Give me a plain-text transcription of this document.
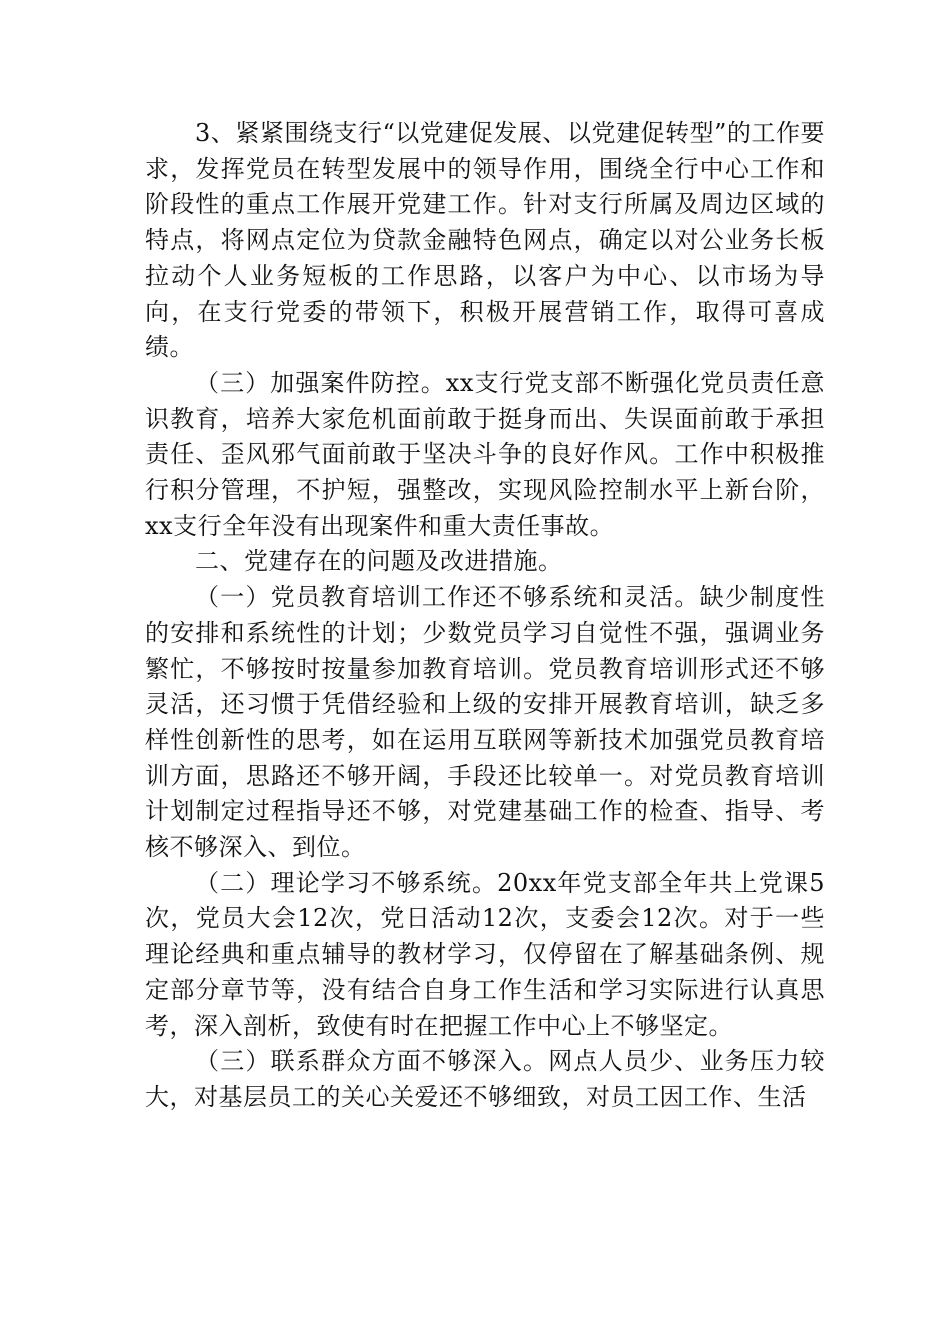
3、紧紧围绕支行“以党建促发展、以党建促转型”的工作要求，发挥党员在转型发展中的领导作用，围绕全行中心工作和阶段性的重点工作展开党建工作。针对支行所属及周边区域的特点，将网点定位为贷款金融特色网点，确定以对公业务长板拉动个人业务短板的工作思路，以客户为中心、以市场为导向，在支行党委的带领下，积极开展营销工作，取得可喜成绩。

（三）加强案件防控。xx支行党支部不断强化党员责任意识教育，培养大家危机面前敢于挺身而出、失误面前敢于承担责任、歪风邪气面前敢于坚决斗争的良好作风。工作中积极推行积分管理，不护短，强整改，实现风险控制水平上新台阶，xx支行全年没有出现案件和重大责任事故。

二、党建存在的问题及改进措施。

（一）党员教育培训工作还不够系统和灵活。缺少制度性的安排和系统性的计划；少数党员学习自觉性不强，强调业务繁忙，不够按时按量参加教育培训。党员教育培训形式还不够灵活，还习惯于凭借经验和上级的安排开展教育培训，缺乏多样性创新性的思考，如在运用互联网等新技术加强党员教育培训方面，思路还不够开阔，手段还比较单一。对党员教育培训计划制定过程指导还不够，对党建基础工作的检查、指导、考核不够深入、到位。

（二）理论学习不够系统。20xx年党支部全年共上党课5次，党员大会12次，党日活动12次，支委会12次。对于一些理论经典和重点辅导的教材学习，仅停留在了解基础条例、规定部分章节等，没有结合自身工作生活和学习实际进行认真思考，深入剖析，致使有时在把握工作中心上不够坚定。

（三）联系群众方面不够深入。网点人员少、业务压力较大，对基层员工的关心关爱还不够细致，对员工因工作、生活
